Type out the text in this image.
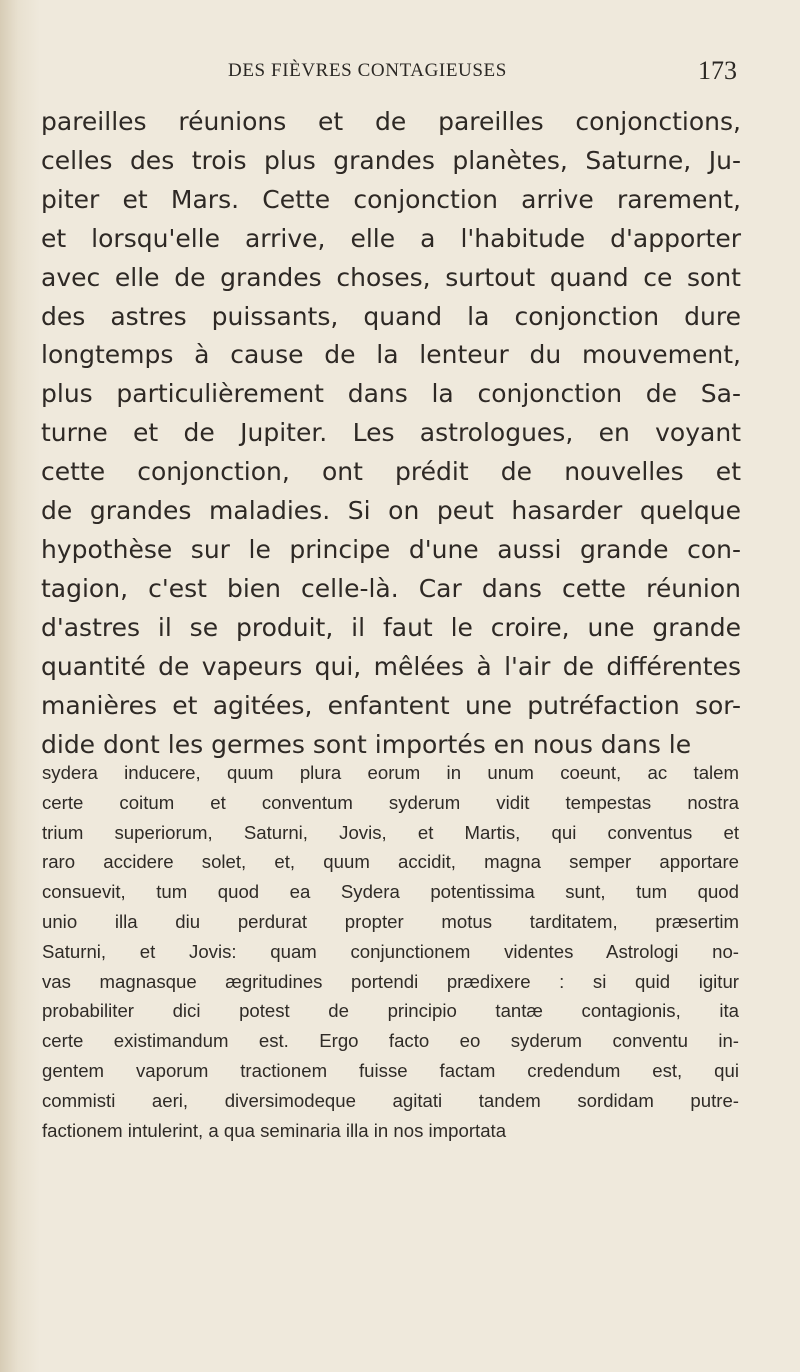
DES FIÈVRES CONTAGIEUSES	173
pareilles réunions et de pareilles conjonctions,
celles des trois plus grandes planètes, Saturne, Ju-
piter et Mars. Cette conjonction arrive rarement,
et lorsqu'elle arrive, elle a l'habitude d'apporter
avec elle de grandes choses, surtout quand ce sont
des astres puissants, quand la conjonction dure
longtemps à cause de la lenteur du mouvement,
plus particulièrement dans la conjonction de Sa-
turne et de Jupiter. Les astrologues, en voyant
cette conjonction, ont prédit de nouvelles et
de grandes maladies. Si on peut hasarder quelque
hypothèse sur le principe d'une aussi grande con-
tagion, c'est bien celle-là. Car dans cette réunion
d'astres il se produit, il faut le croire, une grande
quantité de vapeurs qui, mêlées à l'air de différentes
manières et agitées, enfantent une putréfaction sor-
dide dont les germes sont importés en nous dans le
sydera inducere, quum plura eorum in unum coeunt, ac talem
certe coitum et conventum syderum vidit tempestas nostra
trium superiorum, Saturni, Jovis, et Martis, qui conventus et
raro accidere solet, et, quum accidit, magna semper apportare
consuevit, tum quod ea Sydera potentissima sunt, tum quod
unio illa diu perdurat propter motus tarditatem, præsertim
Saturni, et Jovis: quam conjunctionem videntes Astrologi no-
vas magnasque ægritudines portendi prædixere : si quid igitur
probabiliter dici potest de principio tantæ contagionis, ita
certe existimandum est. Ergo facto eo syderum conventu in-
gentem vaporum tractionem fuisse factam credendum est, qui
commisti aeri, diversimodeque agitati tandem sordidam putre-
factionem intulerint, a qua seminaria illa in nos importata
